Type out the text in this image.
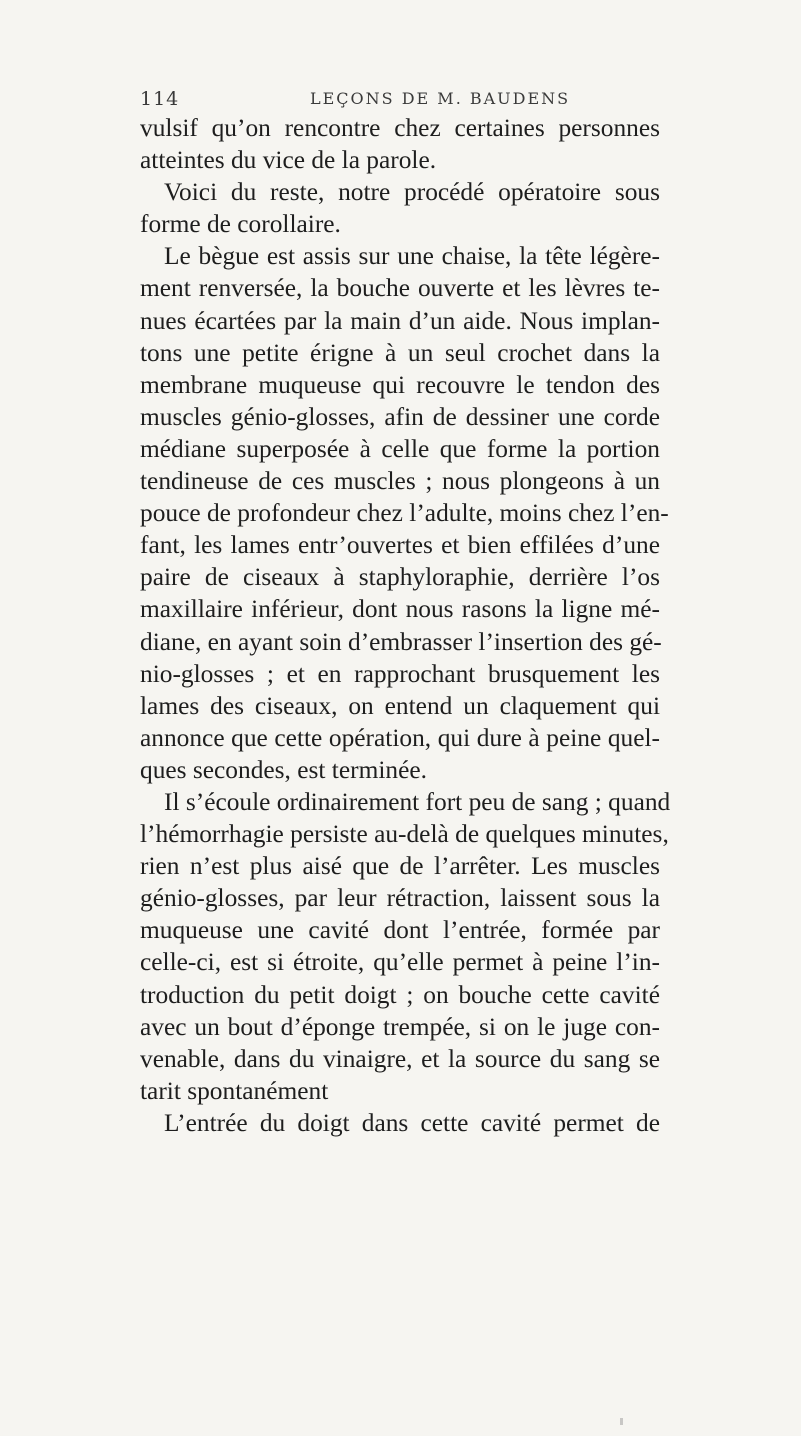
114	LEÇONS DE M. BAUDENS
vulsif qu’on rencontre chez certaines personnes
atteintes du vice de la parole.
Voici du reste, notre procédé opératoire sous
forme de corollaire.
Le bègue est assis sur une chaise, la tête légère-
ment renversée, la bouche ouverte et les lèvres te-
nues écartées par la main d’un aide. Nous implan-
tons une petite érigne à un seul crochet dans la
membrane muqueuse qui recouvre le tendon des
muscles génio-glosses, afin de dessiner une corde
médiane superposée à celle que forme la portion
tendineuse de ces muscles ; nous plongeons à un
pouce de profondeur chez l’adulte, moins chez l’en-
fant, les lames entr’ouvertes et bien effilées d’une
paire de ciseaux à staphyloraphie, derrière l’os
maxillaire inférieur, dont nous rasons la ligne mé-
diane, en ayant soin d’embrasser l’insertion des gé-
nio-glosses ; et en rapprochant brusquement les
lames des ciseaux, on entend un claquement qui
annonce que cette opération, qui dure à peine quel-
ques secondes, est terminée.
Il s’écoule ordinairement fort peu de sang ; quand
l’hémorrhagie persiste au-delà de quelques minutes,
rien n’est plus aisé que de l’arrêter. Les muscles
génio-glosses, par leur rétraction, laissent sous la
muqueuse une cavité dont l’entrée, formée par
celle-ci, est si étroite, qu’elle permet à peine l’in-
troduction du petit doigt ; on bouche cette cavité
avec un bout d’éponge trempée, si on le juge con-
venable, dans du vinaigre, et la source du sang se
tarit spontanément
L’entrée du doigt dans cette cavité permet de
